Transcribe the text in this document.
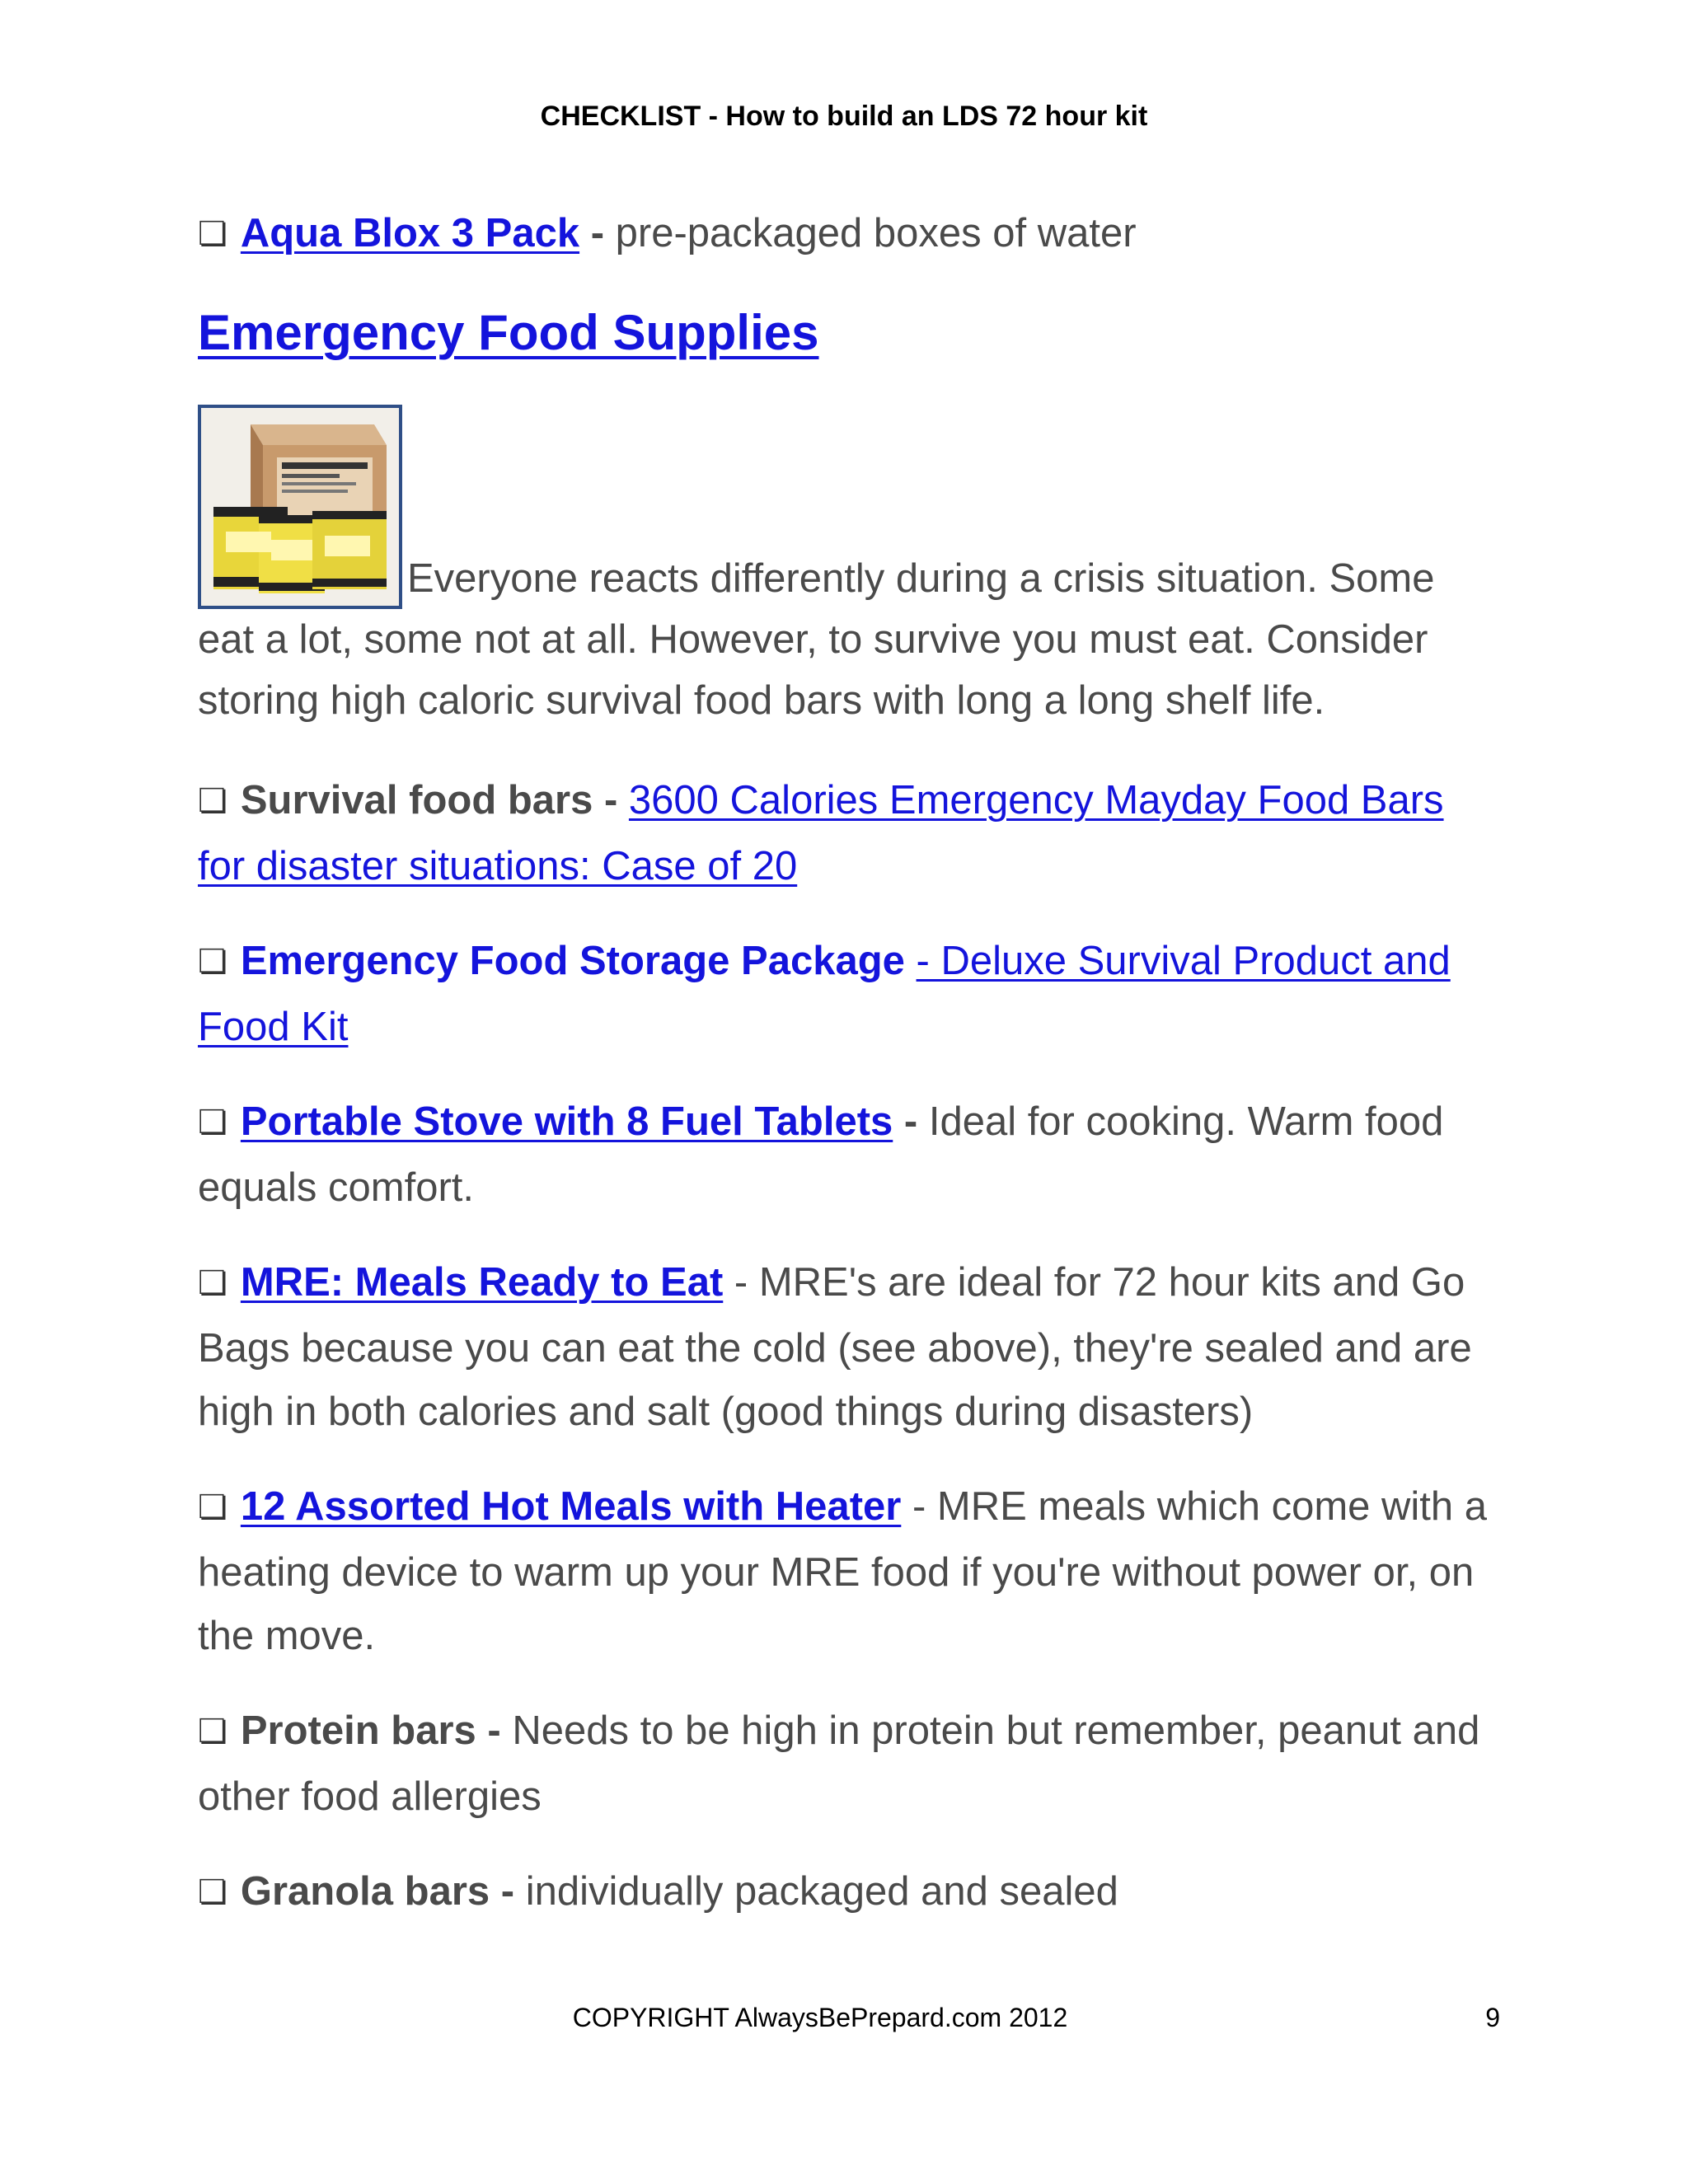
CHECKLIST - How to build an LDS 72 hour kit
❏ Aqua Blox 3 Pack - pre-packaged boxes of water
Emergency Food Supplies
Everyone reacts differently during a crisis situation. Some eat a lot, some not at all. However, to survive you must eat. Consider storing high caloric survival food bars with long a long shelf life.
❏ Survival food bars - 3600 Calories Emergency Mayday Food Bars for disaster situations: Case of 20
❏ Emergency Food Storage Package - Deluxe Survival Product and Food Kit
❏ Portable Stove with 8 Fuel Tablets - Ideal for cooking. Warm food equals comfort.
❏ MRE: Meals Ready to Eat - MRE's are ideal for 72 hour kits and Go Bags because you can eat the cold (see above), they're sealed and are high in both calories and salt (good things during disasters)
❏ 12 Assorted Hot Meals with Heater - MRE meals which come with a heating device to warm up your MRE food if you're without power or, on the move.
❏ Protein bars - Needs to be high in protein but remember, peanut and other food allergies
❏ Granola bars - individually packaged and sealed
COPYRIGHT AlwaysBePrepard.com 2012	9
